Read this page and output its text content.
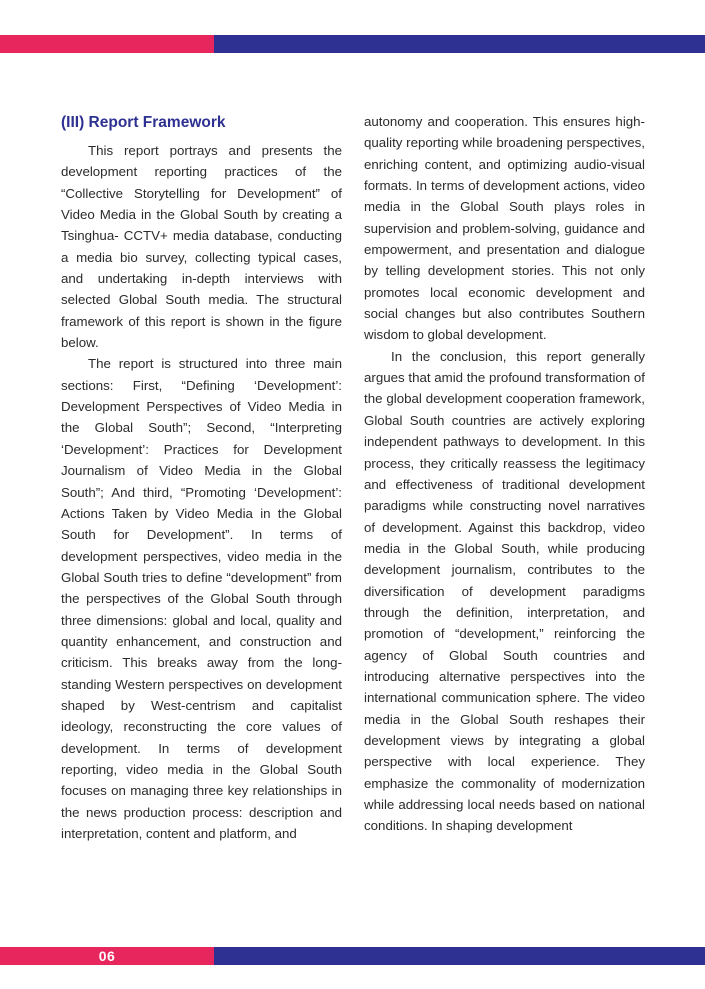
(III) Report Framework

This report portrays and presents the development reporting practices of the “Collective Storytelling for Development” of Video Media in the Global South by creating a Tsinghua- CCTV+ media database, conducting a media bio survey, collecting typical cases, and undertaking in-depth interviews with selected Global South media. The structural framework of this report is shown in the figure below.

The report is structured into three main sections: First, “Defining ‘Development’: Development Perspectives of Video Media in the Global South”; Second, “Interpreting ‘Development’: Practices for Development Journalism of Video Media in the Global South”; And third, “Promoting ‘Development’: Actions Taken by Video Media in the Global South for Development”. In terms of development perspectives, video media in the Global South tries to define “development” from the perspectives of the Global South through three dimensions: global and local, quality and quantity enhancement, and construction and criticism. This breaks away from the long-standing Western perspectives on development shaped by West-centrism and capitalist ideology, reconstructing the core values of development. In terms of development reporting, video media in the Global South focuses on managing three key relationships in the news production process: description and interpretation, content and platform, and

autonomy and cooperation. This ensures high-quality reporting while broadening perspectives, enriching content, and optimizing audio-visual formats. In terms of development actions, video media in the Global South plays roles in supervision and problem-solving, guidance and empowerment, and presentation and dialogue by telling development stories. This not only promotes local economic development and social changes but also contributes Southern wisdom to global development.

In the conclusion, this report generally argues that amid the profound transformation of the global development cooperation framework, Global South countries are actively exploring independent pathways to development. In this process, they critically reassess the legitimacy and effectiveness of traditional development paradigms while constructing novel narratives of development. Against this backdrop, video media in the Global South, while producing development journalism, contributes to the diversification of development paradigms through the definition, interpretation, and promotion of “development,” reinforcing the agency of Global South countries and introducing alternative perspectives into the international communication sphere. The video media in the Global South reshapes their development views by integrating a global perspective with local experience. They emphasize the commonality of modernization while addressing local needs based on national conditions. In shaping development

06
